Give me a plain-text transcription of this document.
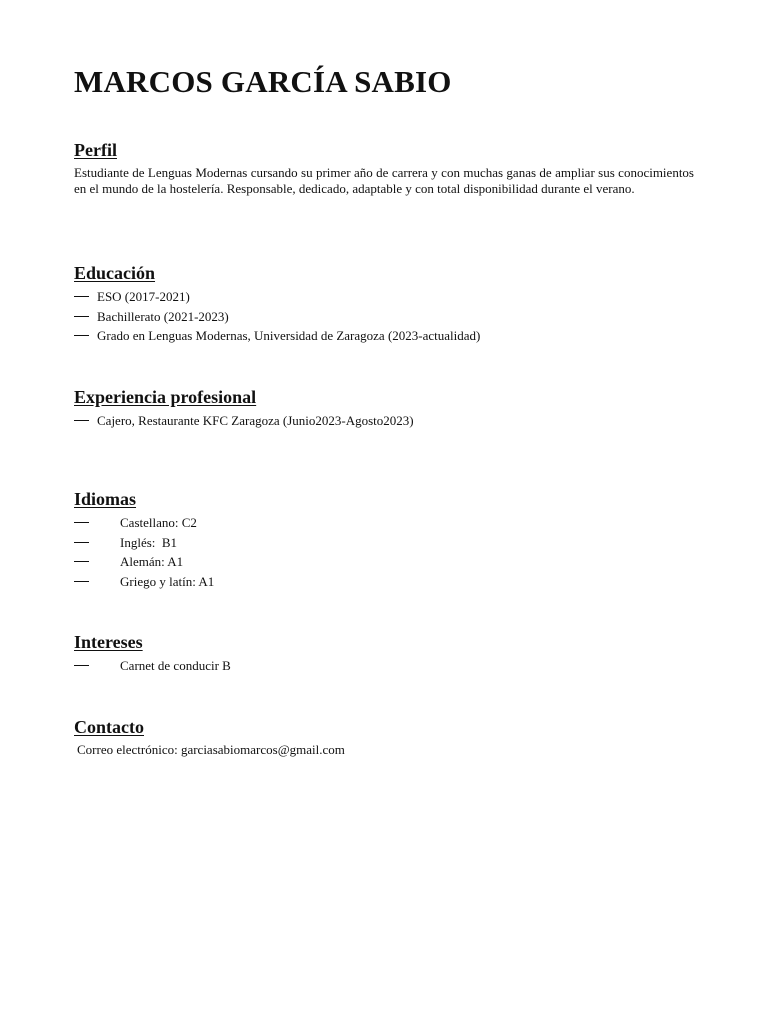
MARCOS GARCÍA SABIO
Perfil

Estudiante de Lenguas Modernas cursando su primer año de carrera y con muchas ganas de ampliar sus conocimientos en el mundo de la hostelería. Responsable, dedicado, adaptable y con total disponibilidad durante el verano.

Educación
ESO (2017-2021)
Bachillerato (2021-2023)
Grado en Lenguas Modernas, Universidad de Zaragoza (2023-actualidad)
Experiencia profesional
Cajero, Restaurante KFC Zaragoza (Junio2023-Agosto2023)
Idiomas
Castellano: C2
Inglés:  B1
Alemán: A1
Griego y latín: A1
Intereses
Carnet de conducir B
Contacto

Correo electrónico: garciasabiomarcos@gmail.com
